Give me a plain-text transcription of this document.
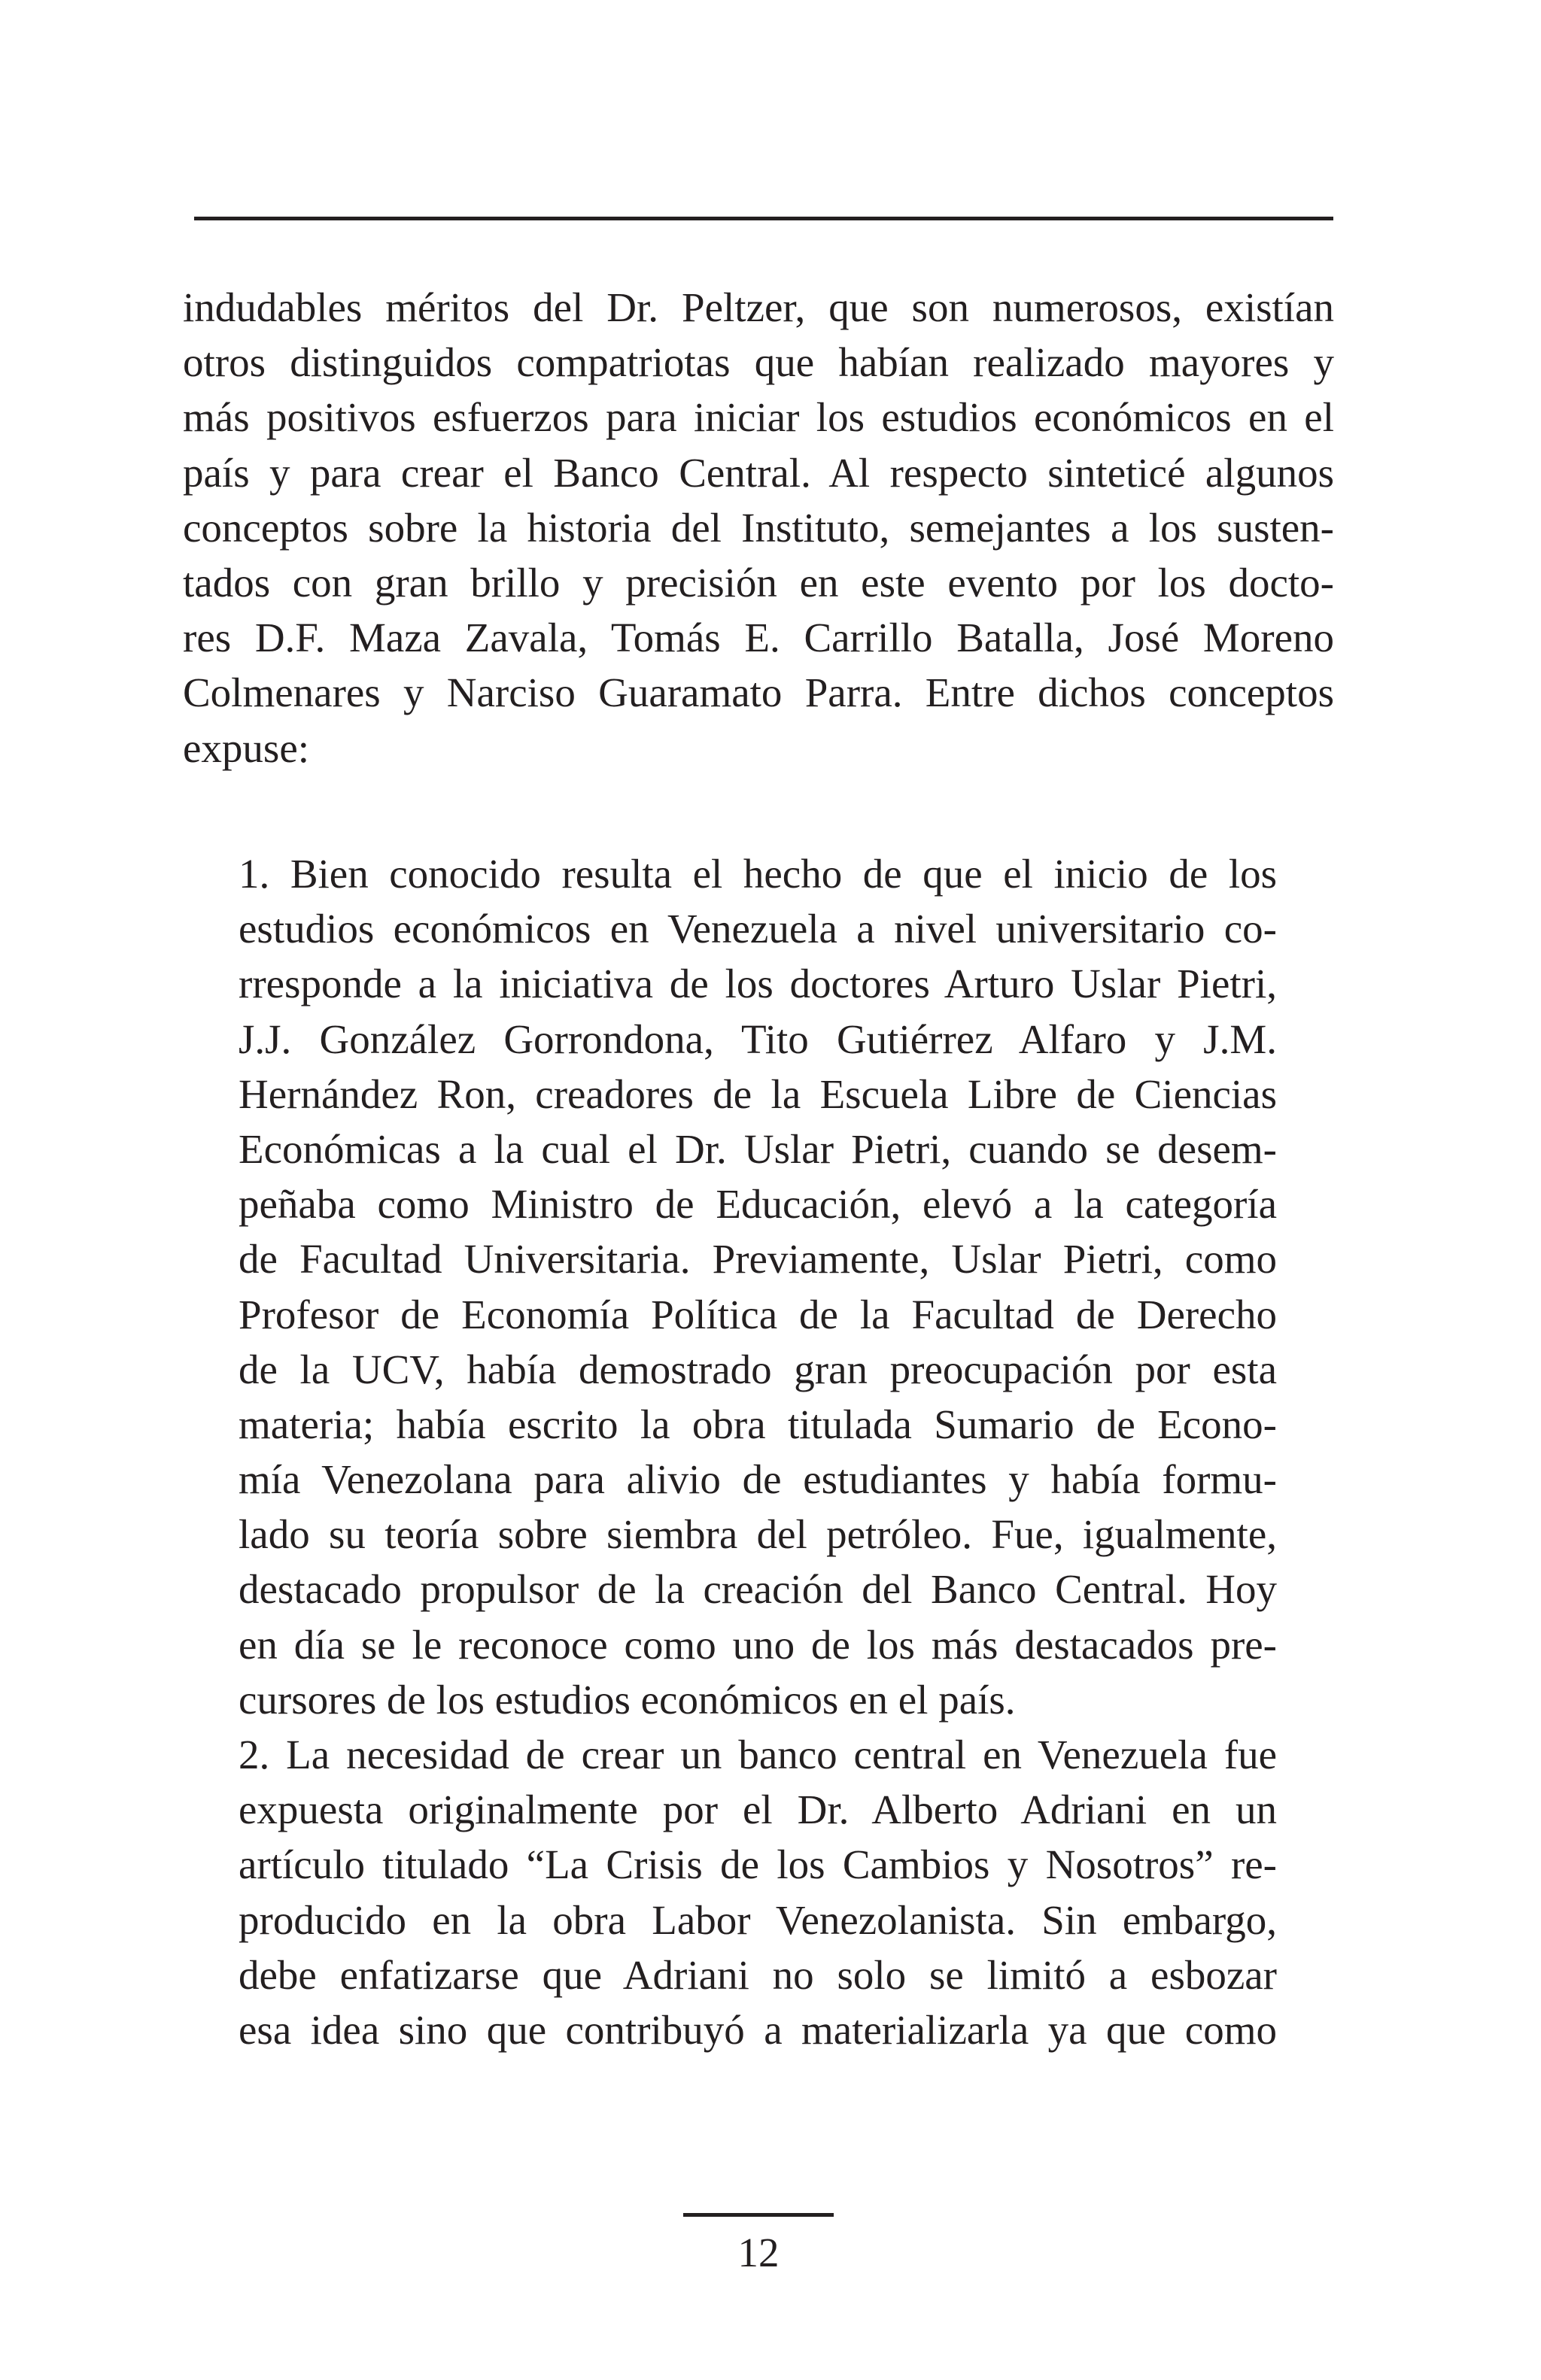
indudables méritos del Dr. Peltzer, que son numerosos, existían
otros distinguidos compatriotas que habían realizado mayores y
más positivos esfuerzos para iniciar los estudios económicos en el
país y para crear el Banco Central. Al respecto sinteticé algunos
conceptos sobre la historia del Instituto, semejantes a los susten-
tados con gran brillo y precisión en este evento por los docto-
res D.F. Maza Zavala, Tomás E. Carrillo Batalla, José Moreno
Colmenares y Narciso Guaramato Parra. Entre dichos conceptos
expuse:
1. Bien conocido resulta el hecho de que el inicio de los
estudios económicos en Venezuela a nivel universitario co-
rresponde a la iniciativa de los doctores Arturo Uslar Pietri,
J.J. González Gorrondona, Tito Gutiérrez Alfaro y J.M.
Hernández Ron, creadores de la Escuela Libre de Ciencias
Económicas a la cual el Dr. Uslar Pietri, cuando se desem-
peñaba como Ministro de Educación, elevó a la categoría
de Facultad Universitaria. Previamente, Uslar Pietri, como
Profesor de Economía Política de la Facultad de Derecho
de la UCV, había demostrado gran preocupación por esta
materia; había escrito la obra titulada Sumario de Econo-
mía Venezolana para alivio de estudiantes y había formu-
lado su teoría sobre siembra del petróleo. Fue, igualmente,
destacado propulsor de la creación del Banco Central. Hoy
en día se le reconoce como uno de los más destacados pre-
cursores de los estudios económicos en el país.
2. La necesidad de crear un banco central en Venezuela fue
expuesta originalmente por el Dr. Alberto Adriani en un
artículo titulado “La Crisis de los Cambios y Nosotros” re-
producido en la obra Labor Venezolanista. Sin embargo,
debe enfatizarse que Adriani no solo se limitó a esbozar
esa idea sino que contribuyó a materializarla ya que como
12
